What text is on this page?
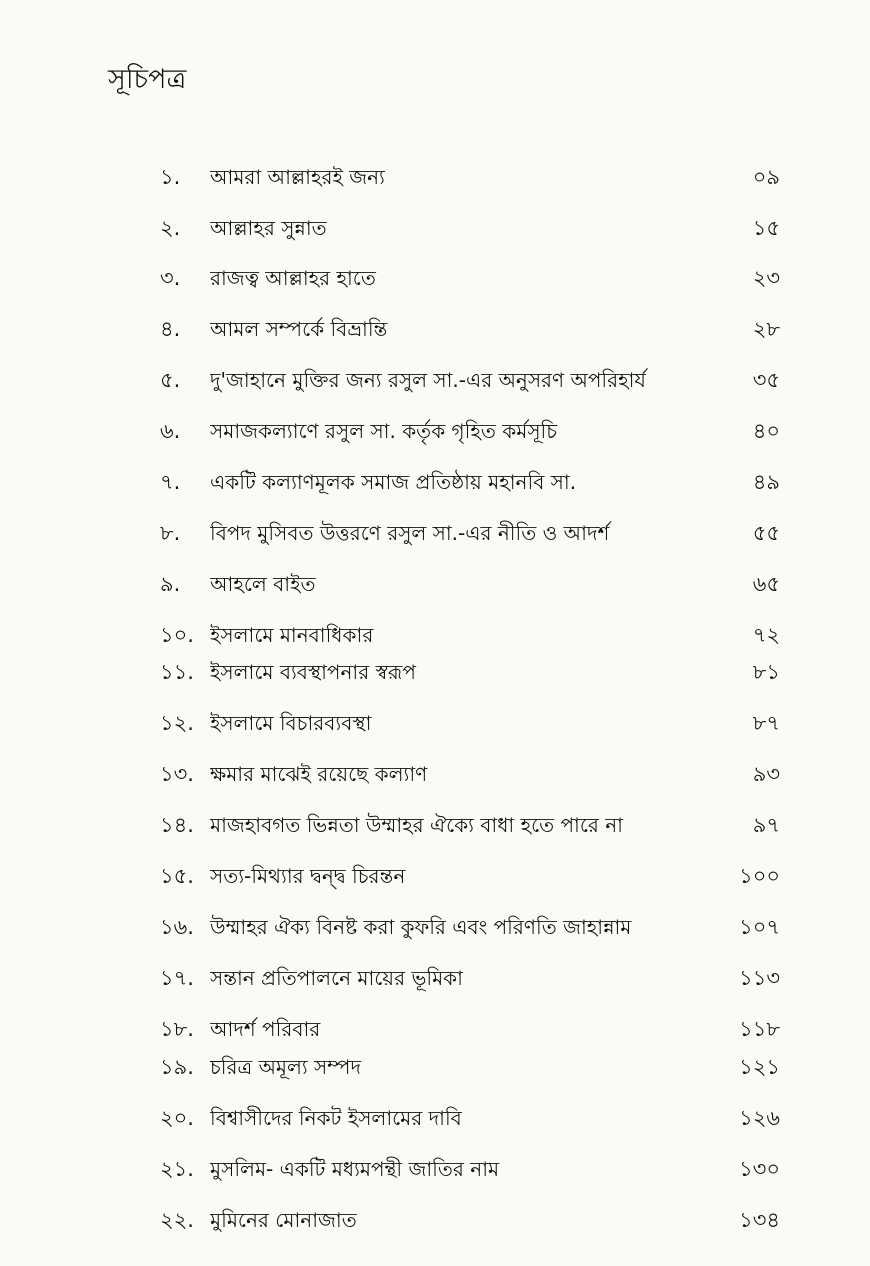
সূচিপত্র
১.	আমরা আল্লাহরই জন্য	০৯
২.	আল্লাহর সুন্নাত	১৫
৩.	রাজত্ব আল্লাহর হাতে	২৩
৪.	আমল সম্পর্কে বিভ্রান্তি	২৮
৫.	দু'জাহানে মুক্তির জন্য রসুল সা.-এর অনুসরণ অপরিহার্য	৩৫
৬.	সমাজকল্যাণে রসুল সা. কর্তৃক গৃহিত কর্মসূচি	৪০
৭.	একটি কল্যাণমূলক সমাজ প্রতিষ্ঠায় মহানবি সা.	৪৯
৮.	বিপদ মুসিবত উত্তরণে রসুল সা.-এর নীতি ও আদর্শ	৫৫
৯.	আহলে বাইত	৬৫
১০. ইসলামে মানবাধিকার	৭২
১১. ইসলামে ব্যবস্থাপনার স্বরূপ	৮১
১২. ইসলামে বিচারব্যবস্থা	৮৭
১৩. ক্ষমার মাঝেই রয়েছে কল্যাণ	৯৩
১৪. মাজহাবগত ভিন্নতা উম্মাহর ঐক্যে বাধা হতে পারে না	৯৭
১৫. সত্য-মিথ্যার দ্বন্দ্ব চিরন্তন	১০০
১৬. উম্মাহর ঐক্য বিনষ্ট করা কুফরি এবং পরিণতি জাহান্নাম	১০৭
১৭. সন্তান প্রতিপালনে মায়ের ভূমিকা	১১৩
১৮. আদর্শ পরিবার	১১৮
১৯. চরিত্র অমূল্য সম্পদ	১২১
২০. বিশ্বাসীদের নিকট ইসলামের দাবি	১২৬
২১. মুসলিম- একটি মধ্যমপন্থী জাতির নাম	১৩০
২২. মুমিনের মোনাজাত	১৩৪
